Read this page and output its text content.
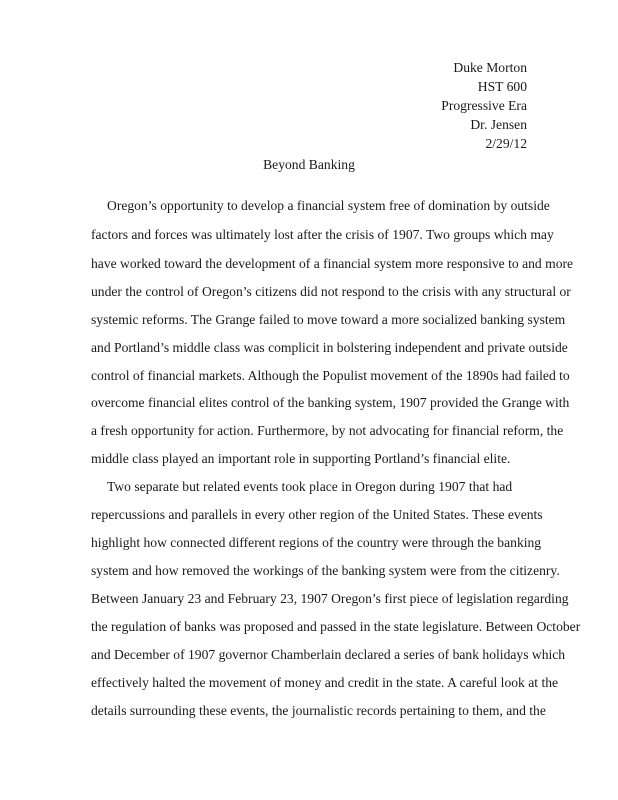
Duke Morton
HST 600
Progressive Era
Dr. Jensen
2/29/12
Beyond Banking
Oregon’s opportunity to develop a financial system free of domination by outside
factors and forces was ultimately lost after the crisis of 1907. Two groups which may
have worked toward the development of a financial system more responsive to and more
under the control of Oregon’s citizens did not respond to the crisis with any structural or
systemic reforms. The Grange failed to move toward a more socialized banking system
and Portland’s middle class was complicit in bolstering independent and private outside
control of financial markets. Although the Populist movement of the 1890s had failed to
overcome financial elites control of the banking system, 1907 provided the Grange with
a fresh opportunity for action. Furthermore, by not advocating for financial reform, the
middle class played an important role in supporting Portland’s financial elite.
Two separate but related events took place in Oregon during 1907 that had
repercussions and parallels in every other region of the United States. These events
highlight how connected different regions of the country were through the banking
system and how removed the workings of the banking system were from the citizenry.
Between January 23 and February 23, 1907 Oregon’s first piece of legislation regarding
the regulation of banks was proposed and passed in the state legislature. Between October
and December of 1907 governor Chamberlain declared a series of bank holidays which
effectively halted the movement of money and credit in the state. A careful look at the
details surrounding these events, the journalistic records pertaining to them, and the
